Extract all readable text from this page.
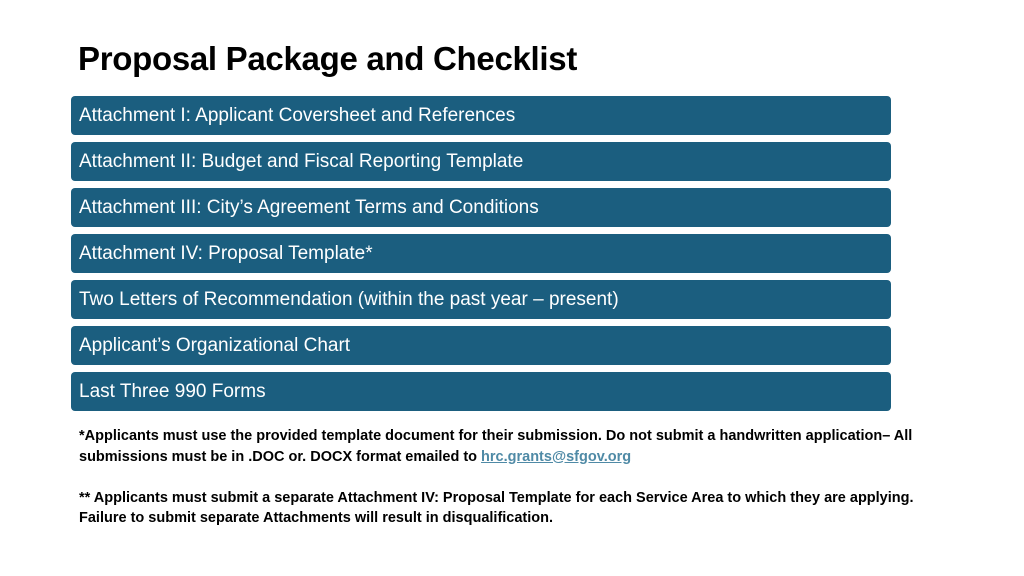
Proposal Package and Checklist
Attachment I: Applicant Coversheet and References
Attachment II: Budget and Fiscal Reporting Template
Attachment III: City’s Agreement Terms and Conditions
Attachment IV: Proposal Template*
Two Letters of Recommendation (within the past year – present)
Applicant’s Organizational Chart
Last Three 990 Forms

*Applicants must use the provided template document for their submission. Do not submit a handwritten application– All submissions must be in .DOC or. DOCX format emailed to hrc.grants@sfgov.org

** Applicants must submit a separate Attachment IV: Proposal Template for each Service Area to which they are applying. Failure to submit separate Attachments will result in disqualification.
